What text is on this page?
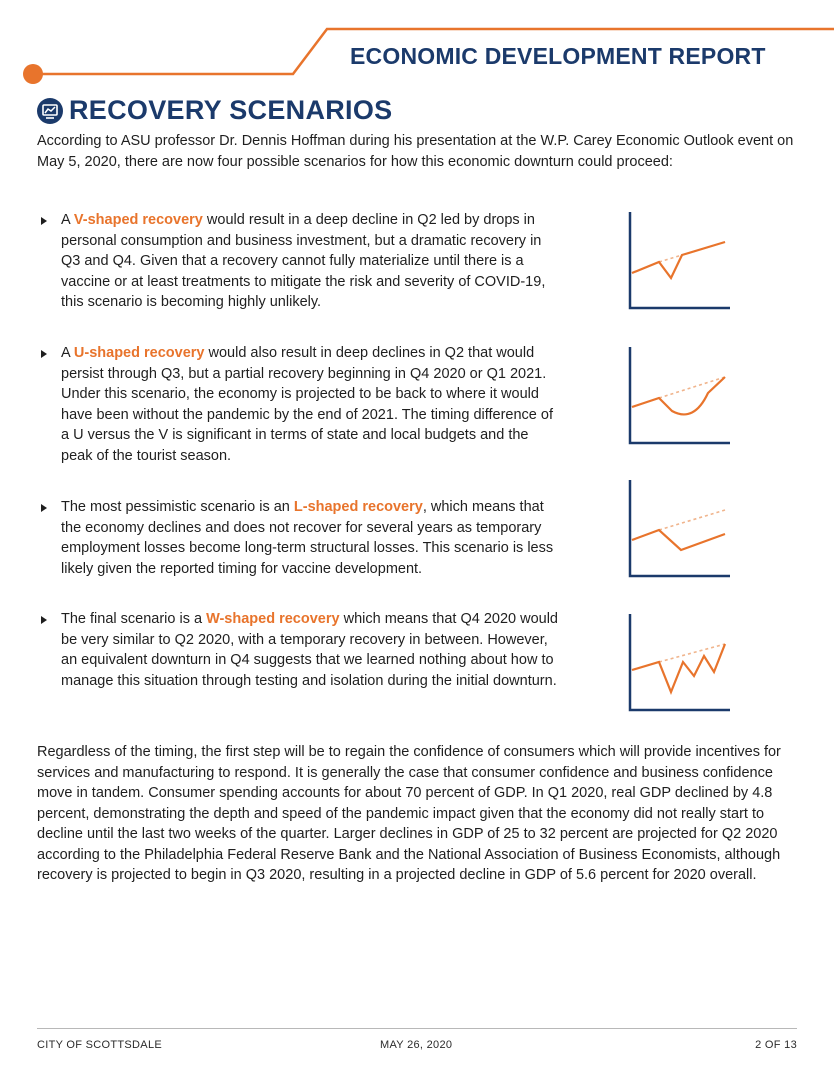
ECONOMIC DEVELOPMENT REPORT
RECOVERY SCENARIOS

According to ASU professor Dr. Dennis Hoffman during his presentation at the W.P. Carey Economic Outlook event on May 5, 2020, there are now four possible scenarios for how this economic downturn could proceed:

A V-shaped recovery would result in a deep decline in Q2 led by drops in personal consumption and business investment, but a dramatic recovery in Q3 and Q4. Given that a recovery cannot fully materialize until there is a vaccine or at least treatments to mitigate the risk and severity of COVID-19, this scenario is becoming highly unlikely.

A U-shaped recovery would also result in deep declines in Q2 that would persist through Q3, but a partial recovery beginning in Q4 2020 or Q1 2021. Under this scenario, the economy is projected to be back to where it would have been without the pandemic by the end of 2021. The timing difference of a U versus the V is significant in terms of state and local budgets and the peak of the tourist season.

The most pessimistic scenario is an L-shaped recovery, which means that the economy declines and does not recover for several years as temporary employment losses become long-term structural losses. This scenario is less likely given the reported timing for vaccine development.

The final scenario is a W-shaped recovery which means that Q4 2020 would be very similar to Q2 2020, with a temporary recovery in between. However, an equivalent downturn in Q4 suggests that we learned nothing about how to manage this situation through testing and isolation during the initial downturn.

Regardless of the timing, the first step will be to regain the confidence of consumers which will provide incentives for services and manufacturing to respond. It is generally the case that consumer confidence and business confidence move in tandem. Consumer spending accounts for about 70 percent of GDP. In Q1 2020, real GDP declined by 4.8 percent, demonstrating the depth and speed of the pandemic impact given that the economy did not really start to decline until the last two weeks of the quarter. Larger declines in GDP of 25 to 32 percent are projected for Q2 2020 according to the Philadelphia Federal Reserve Bank and the National Association of Business Economists, although recovery is projected to begin in Q3 2020, resulting in a projected decline in GDP of 5.6 percent for 2020 overall.

CITY OF SCOTTSDALE	MAY 26, 2020	2 OF 13
